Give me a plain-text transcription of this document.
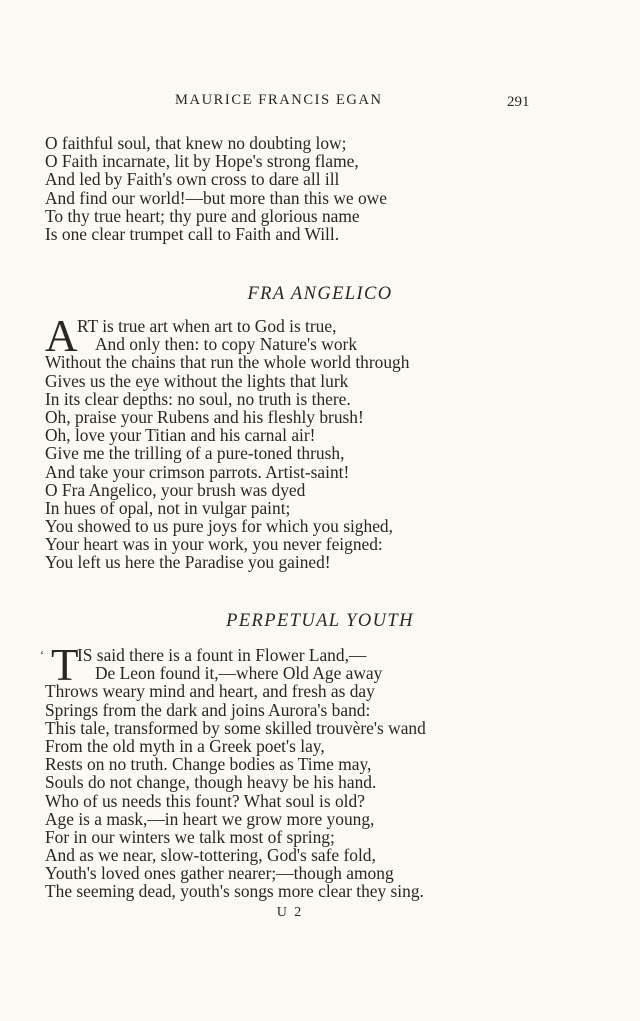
MAURICE FRANCIS EGAN	291
O faithful soul, that knew no doubting low;
O Faith incarnate, lit by Hope's strong flame,
And led by Faith's own cross to dare all ill
And find our world!—but more than this we owe
To thy true heart; thy pure and glorious name
Is one clear trumpet call to Faith and Will.
FRA ANGELICO
A RT is true art when art to God is true,
And only then: to copy Nature's work
Without the chains that run the whole world through
Gives us the eye without the lights that lurk
In its clear depths: no soul, no truth is there.
Oh, praise your Rubens and his fleshly brush!
Oh, love your Titian and his carnal air!
Give me the trilling of a pure-toned thrush,
And take your crimson parrots. Artist-saint!
O Fra Angelico, your brush was dyed
In hues of opal, not in vulgar paint;
You showed to us pure joys for which you sighed,
Your heart was in your work, you never feigned:
You left us here the Paradise you gained!
PERPETUAL YOUTH
‘ T
IS said there is a fount in Flower Land,—
De Leon found it,—where Old Age away
Throws weary mind and heart, and fresh as day
Springs from the dark and joins Aurora's band:
This tale, transformed by some skilled trouvère's wand
From the old myth in a Greek poet's lay,
Rests on no truth. Change bodies as Time may,
Souls do not change, though heavy be his hand.
Who of us needs this fount? What soul is old?
Age is a mask,—in heart we grow more young,
For in our winters we talk most of spring;
And as we near, slow-tottering, God's safe fold,
Youth's loved ones gather nearer;—though among
The seeming dead, youth's songs more clear they sing.
U 2
